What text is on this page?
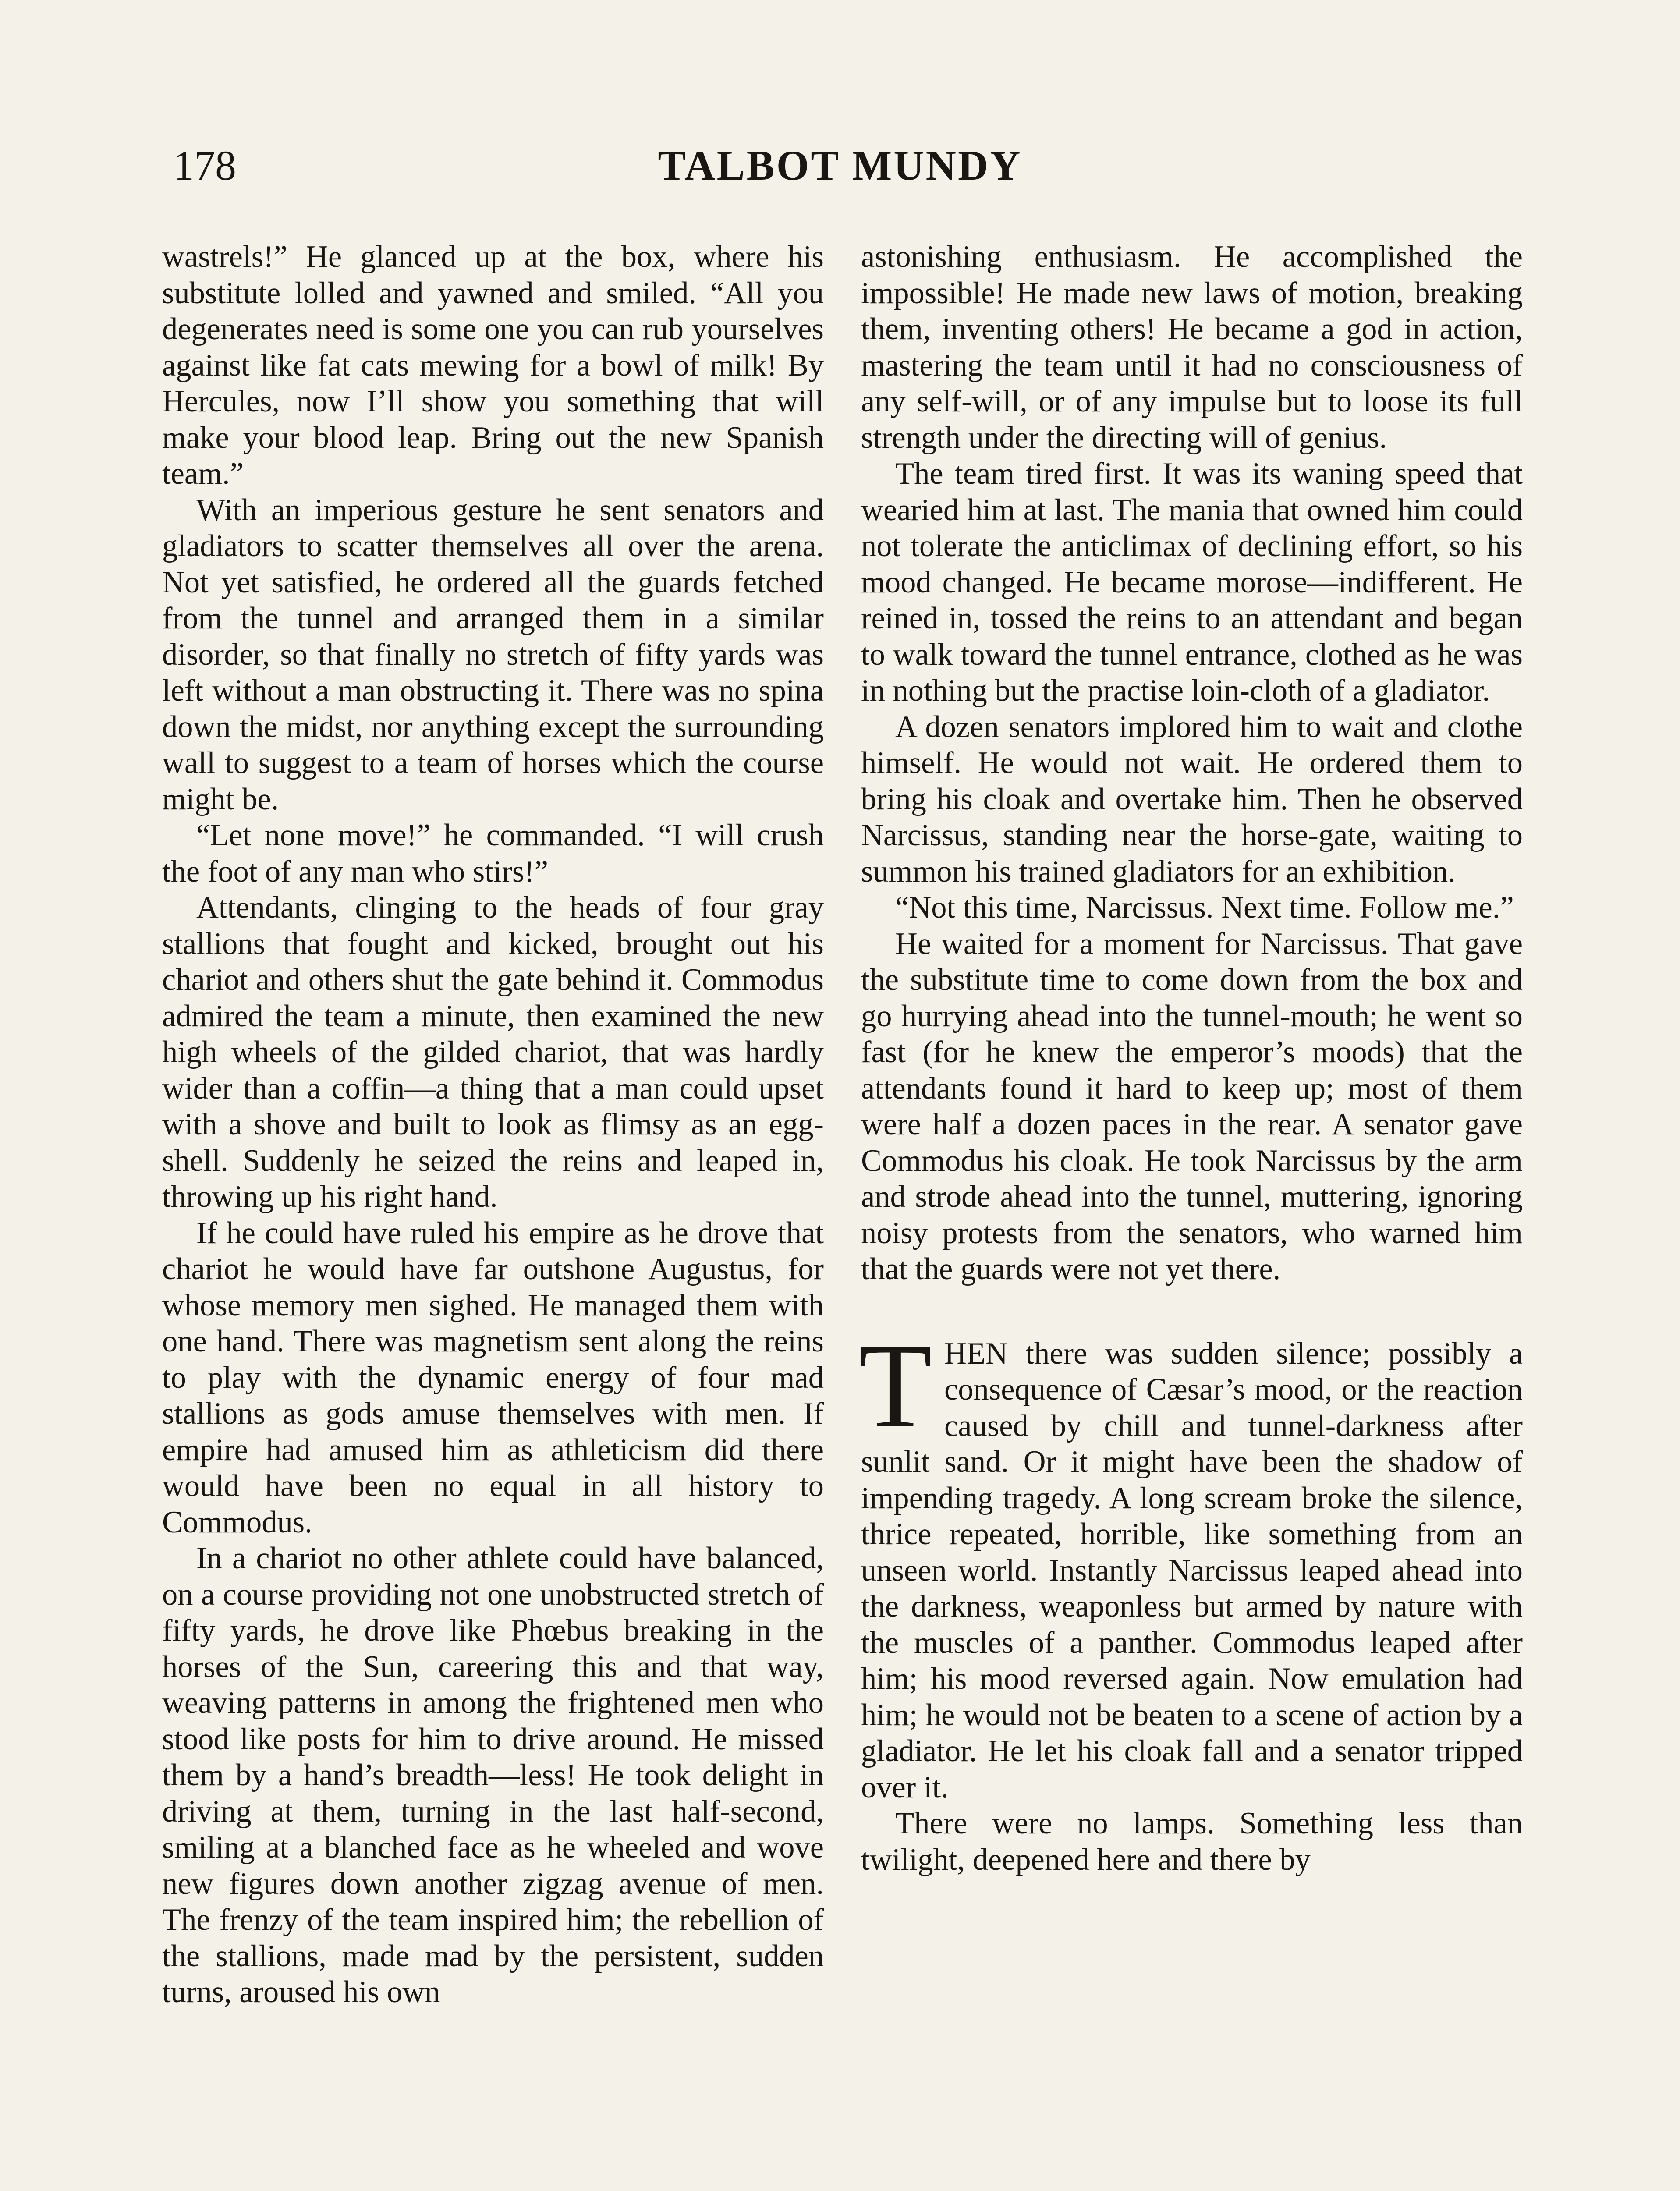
178	TALBOT MUNDY

wastrels!” He glanced up at the box, where his substitute lolled and yawned and smiled. “All you degenerates need is some one you can rub yourselves against like fat cats mewing for a bowl of milk! By Hercules, now I’ll show you something that will make your blood leap. Bring out the new Spanish team.”

With an imperious gesture he sent senators and gladiators to scatter themselves all over the arena. Not yet satisfied, he ordered all the guards fetched from the tunnel and arranged them in a similar disorder, so that finally no stretch of fifty yards was left without a man obstructing it. There was no spina down the midst, nor anything except the surrounding wall to suggest to a team of horses which the course might be.

“Let none move!” he commanded. “I will crush the foot of any man who stirs!”

Attendants, clinging to the heads of four gray stallions that fought and kicked, brought out his chariot and others shut the gate behind it. Commodus admired the team a minute, then examined the new high wheels of the gilded chariot, that was hardly wider than a coffin—a thing that a man could upset with a shove and built to look as flimsy as an egg-shell. Suddenly he seized the reins and leaped in, throwing up his right hand.

If he could have ruled his empire as he drove that chariot he would have far outshone Augustus, for whose memory men sighed. He managed them with one hand. There was magnetism sent along the reins to play with the dynamic energy of four mad stallions as gods amuse themselves with men. If empire had amused him as athleticism did there would have been no equal in all history to Commodus.

In a chariot no other athlete could have balanced, on a course providing not one unobstructed stretch of fifty yards, he drove like Phœbus breaking in the horses of the Sun, careering this and that way, weaving patterns in among the frightened men who stood like posts for him to drive around. He missed them by a hand’s breadth—less! He took delight in driving at them, turning in the last half-second, smiling at a blanched face as he wheeled and wove new figures down another zigzag avenue of men. The frenzy of the team inspired him; the rebellion of the stallions, made mad by the persistent, sudden turns, aroused his own

astonishing enthusiasm. He accomplished the impossible! He made new laws of motion, breaking them, inventing others! He became a god in action, mastering the team until it had no consciousness of any self-will, or of any impulse but to loose its full strength under the directing will of genius.

The team tired first. It was its waning speed that wearied him at last. The mania that owned him could not tolerate the anticlimax of declining effort, so his mood changed. He became morose—indifferent. He reined in, tossed the reins to an attendant and began to walk toward the tunnel entrance, clothed as he was in nothing but the practise loin-cloth of a gladiator.

A dozen senators implored him to wait and clothe himself. He would not wait. He ordered them to bring his cloak and overtake him. Then he observed Narcissus, standing near the horse-gate, waiting to summon his trained gladiators for an exhibition.

“Not this time, Narcissus. Next time. Follow me.”

He waited for a moment for Narcissus. That gave the substitute time to come down from the box and go hurrying ahead into the tunnel-mouth; he went so fast (for he knew the emperor’s moods) that the attendants found it hard to keep up; most of them were half a dozen paces in the rear. A senator gave Commodus his cloak. He took Narcissus by the arm and strode ahead into the tunnel, muttering, ignoring noisy protests from the senators, who warned him that the guards were not yet there.

THEN there was sudden silence; possibly a consequence of Cæsar’s mood, or the reaction caused by chill and tunnel-darkness after sunlit sand. Or it might have been the shadow of impending tragedy. A long scream broke the silence, thrice repeated, horrible, like something from an unseen world. Instantly Narcissus leaped ahead into the darkness, weaponless but armed by nature with the muscles of a panther. Commodus leaped after him; his mood reversed again. Now emulation had him; he would not be beaten to a scene of action by a gladiator. He let his cloak fall and a senator tripped over it.

There were no lamps. Something less than twilight, deepened here and there by
